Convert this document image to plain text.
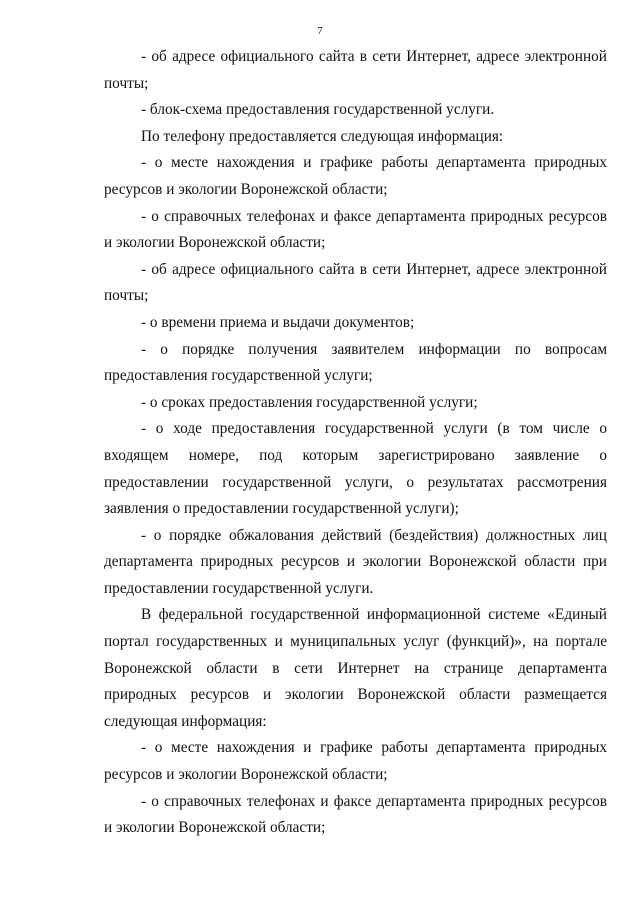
7

- об адресе официального сайта в сети Интернет, адресе электронной почты;

- блок-схема предоставления государственной услуги.

По телефону предоставляется следующая информация:

- о месте нахождения и графике работы департамента природных ресурсов и экологии Воронежской области;

- о справочных телефонах и факсе департамента природных ресурсов и экологии Воронежской области;

- об адресе официального сайта в сети Интернет, адресе электронной почты;

- о времени приема и выдачи документов;

- о порядке получения заявителем информации по вопросам предоставления государственной услуги;

- о сроках предоставления государственной услуги;

- о ходе предоставления государственной услуги (в том числе о входящем номере, под которым зарегистрировано заявление о предоставлении государственной услуги, о результатах рассмотрения заявления о предоставлении государственной услуги);

- о порядке обжалования действий (бездействия) должностных лиц департамента природных ресурсов и экологии Воронежской области при предоставлении государственной услуги.

В федеральной государственной информационной системе «Единый портал государственных и муниципальных услуг (функций)», на портале Воронежской области в сети Интернет на странице департамента природных ресурсов и экологии Воронежской области размещается следующая информация:

- о месте нахождения и графике работы департамента природных ресурсов и экологии Воронежской области;

- о справочных телефонах и факсе департамента природных ресурсов и экологии Воронежской области;
